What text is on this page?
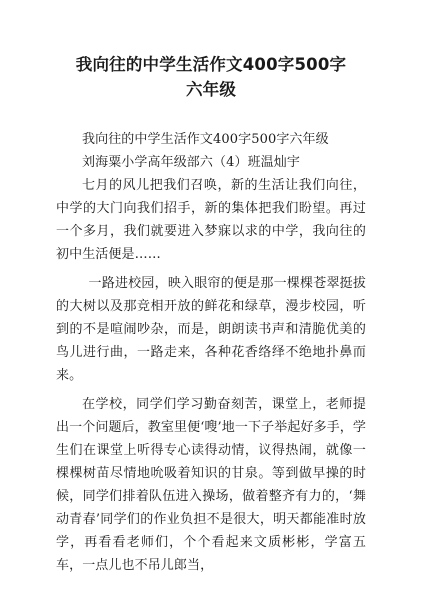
我向往的中学生活作文400字500字
六年级
我向往的中学生活作文400字500字六年级
刘海粟小学高年级部六（4）班温灿宇

七月的风儿把我们召唤，新的生活让我们向往，中学的大门向我们招手，新的集体把我们盼望。再过一个多月，我们就要进入梦寐以求的中学，我向往的初中生活便是……

一路进校园，映入眼帘的便是那一棵棵苍翠挺拔的大树以及那竞相开放的鲜花和绿草，漫步校园，听到的不是喧闹吵杂，而是，朗朗读书声和清脆优美的鸟儿进行曲，一路走来，各种花香络绎不绝地扑鼻而来。

在学校，同学们学习勤奋刻苦，课堂上，老师提出一个问题后，教室里便‘嗖’地一下子举起好多手，学生们在课堂上听得专心读得动情，议得热闹，就像一棵棵树苗尽情地吮吸着知识的甘泉。等到做早操的时候，同学们排着队伍进入操场，做着整齐有力的，‘舞动青春’同学们的作业负担不是很大，明天都能准时放学，再看看老师们，个个看起来文质彬彬，学富五车，一点儿也不吊儿郎当，
